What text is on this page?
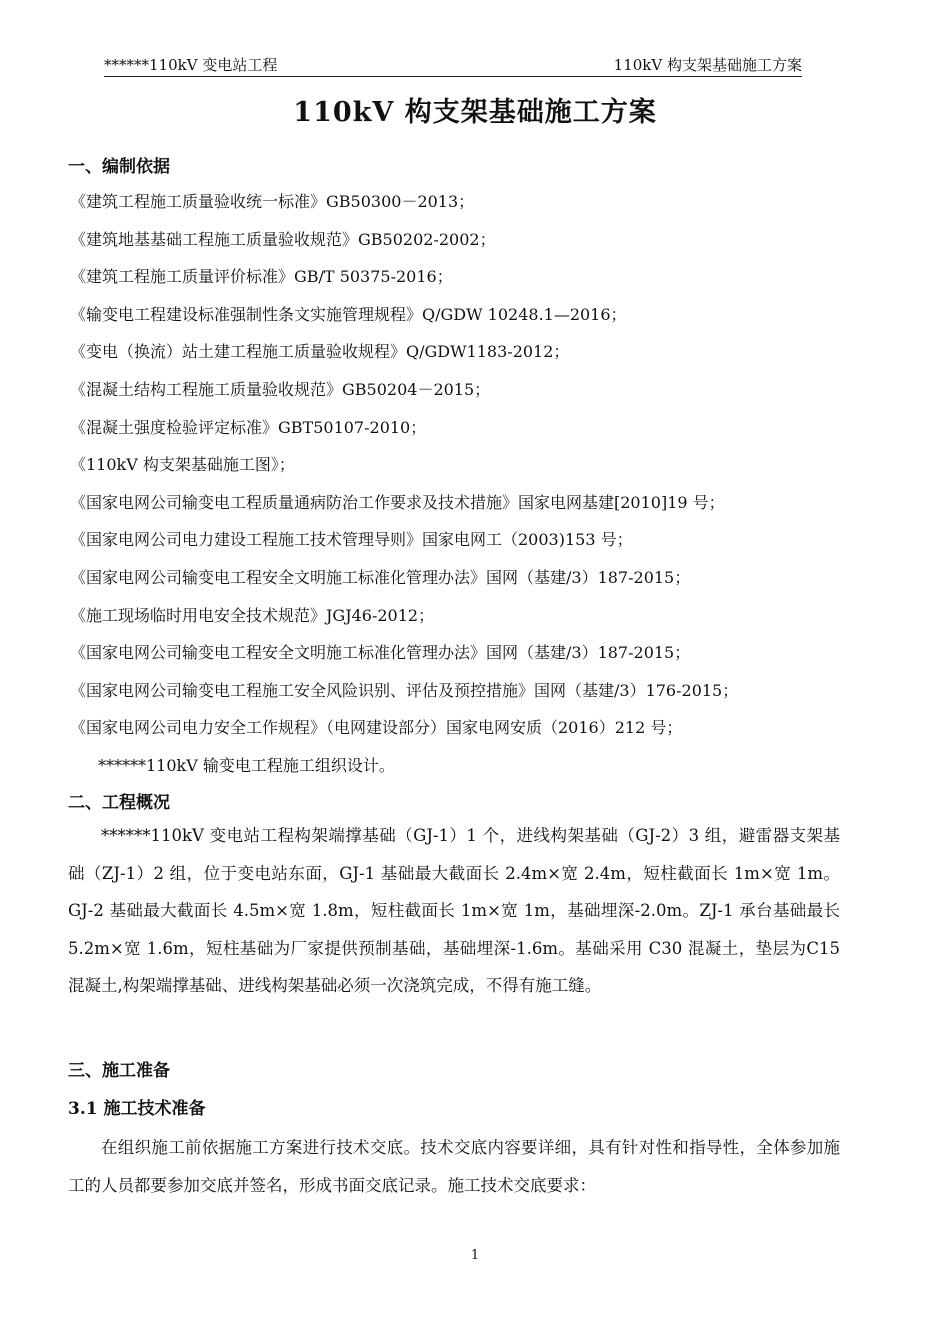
******110kV 变电站工程	110kV 构支架基础施工方案
110kV 构支架基础施工方案
一、编制依据
《建筑工程施工质量验收统一标准》GB50300－2013；
《建筑地基基础工程施工质量验收规范》GB50202-2002；
《建筑工程施工质量评价标准》GB/T 50375-2016；
《输变电工程建设标准强制性条文实施管理规程》Q/GDW 10248.1—2016；
《变电（换流）站土建工程施工质量验收规程》Q/GDW1183-2012；
《混凝土结构工程施工质量验收规范》GB50204－2015；
《混凝土强度检验评定标准》GBT50107-2010；
《110kV 构支架基础施工图》；
《国家电网公司输变电工程质量通病防治工作要求及技术措施》国家电网基建[2010]19 号；
《国家电网公司电力建设工程施工技术管理导则》国家电网工（2003)153 号；
《国家电网公司输变电工程安全文明施工标准化管理办法》国网（基建/3）187-2015；
《施工现场临时用电安全技术规范》JGJ46-2012；
《国家电网公司输变电工程安全文明施工标准化管理办法》国网（基建/3）187-2015；
《国家电网公司输变电工程施工安全风险识别、评估及预控措施》国网（基建/3）176-2015；
《国家电网公司电力安全工作规程》（电网建设部分）国家电网安质（2016）212 号；
******110kV 输变电工程施工组织设计。
二、工程概况
******110kV 变电站工程构架端撑基础（GJ-1）1 个，进线构架基础（GJ-2）3 组，避雷器支架基础（ZJ-1）2 组，位于变电站东面，GJ-1 基础最大截面长 2.4m×宽 2.4m，短柱截面长 1m×宽 1m。GJ-2 基础最大截面长 4.5m×宽 1.8m，短柱截面长 1m×宽 1m，基础埋深-2.0m。ZJ-1 承台基础最长 5.2m×宽 1.6m，短柱基础为厂家提供预制基础，基础埋深-1.6m。基础采用 C30 混凝土，垫层为C15 混凝土,构架端撑基础、进线构架基础必须一次浇筑完成，不得有施工缝。
三、施工准备
3.1 施工技术准备
在组织施工前依据施工方案进行技术交底。技术交底内容要详细，具有针对性和指导性，全体参加施工的人员都要参加交底并签名，形成书面交底记录。施工技术交底要求：
1
